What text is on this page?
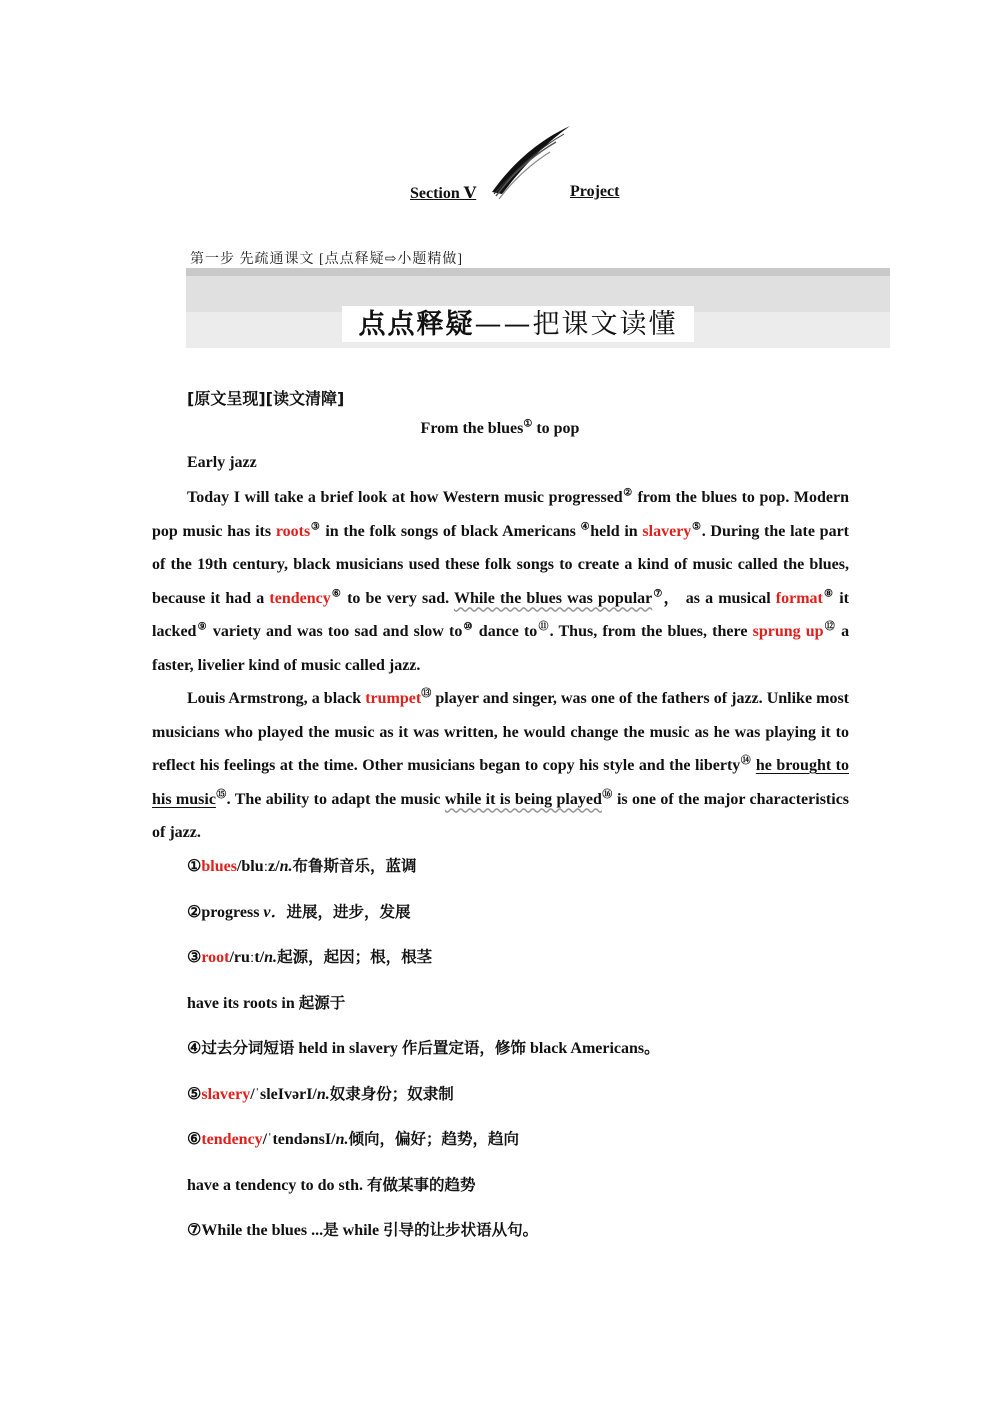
Section Ⅴ	Project
第一步 先疏通课文 [点点释疑⇨小题精做]
点点释疑——把课文读懂
[原文呈现][读文清障]
From the blues① to pop
Early jazz

Today I will take a brief look at how Western music progressed② from the blues to pop. Modern pop music has its roots③ in the folk songs of black Americans ④held in slavery⑤. During the late part of the 19th century, black musicians used these folk songs to create a kind of music called the blues, because it had a tendency⑥ to be very sad. While the blues was popular⑦， as a musical format⑧ it lacked⑨ variety and was too sad and slow to⑩ dance to⑪. Thus, from the blues, there sprung up⑫ a faster, livelier kind of music called jazz.

Louis Armstrong, a black trumpet⑬ player and singer, was one of the fathers of jazz. Unlike most musicians who played the music as it was written, he would change the music as he was playing it to reflect his feelings at the time. Other musicians began to copy his style and the liberty⑭ he brought to his music⑮. The ability to adapt the music while it is being played⑯ is one of the major characteristics of jazz.

①blues/bluːz/n.布鲁斯音乐，蓝调
②progress v．进展，进步，发展
③root/ruːt/n.起源，起因；根，根茎
have its roots in 起源于
④过去分词短语 held in slavery 作后置定语，修饰 black Americans。
⑤slavery/ˈsleIvərI/n.奴隶身份；奴隶制
⑥tendency/ˈtendənsI/n.倾向，偏好；趋势，趋向
have a tendency to do sth. 有做某事的趋势
⑦While the blues ...是 while 引导的让步状语从句。
